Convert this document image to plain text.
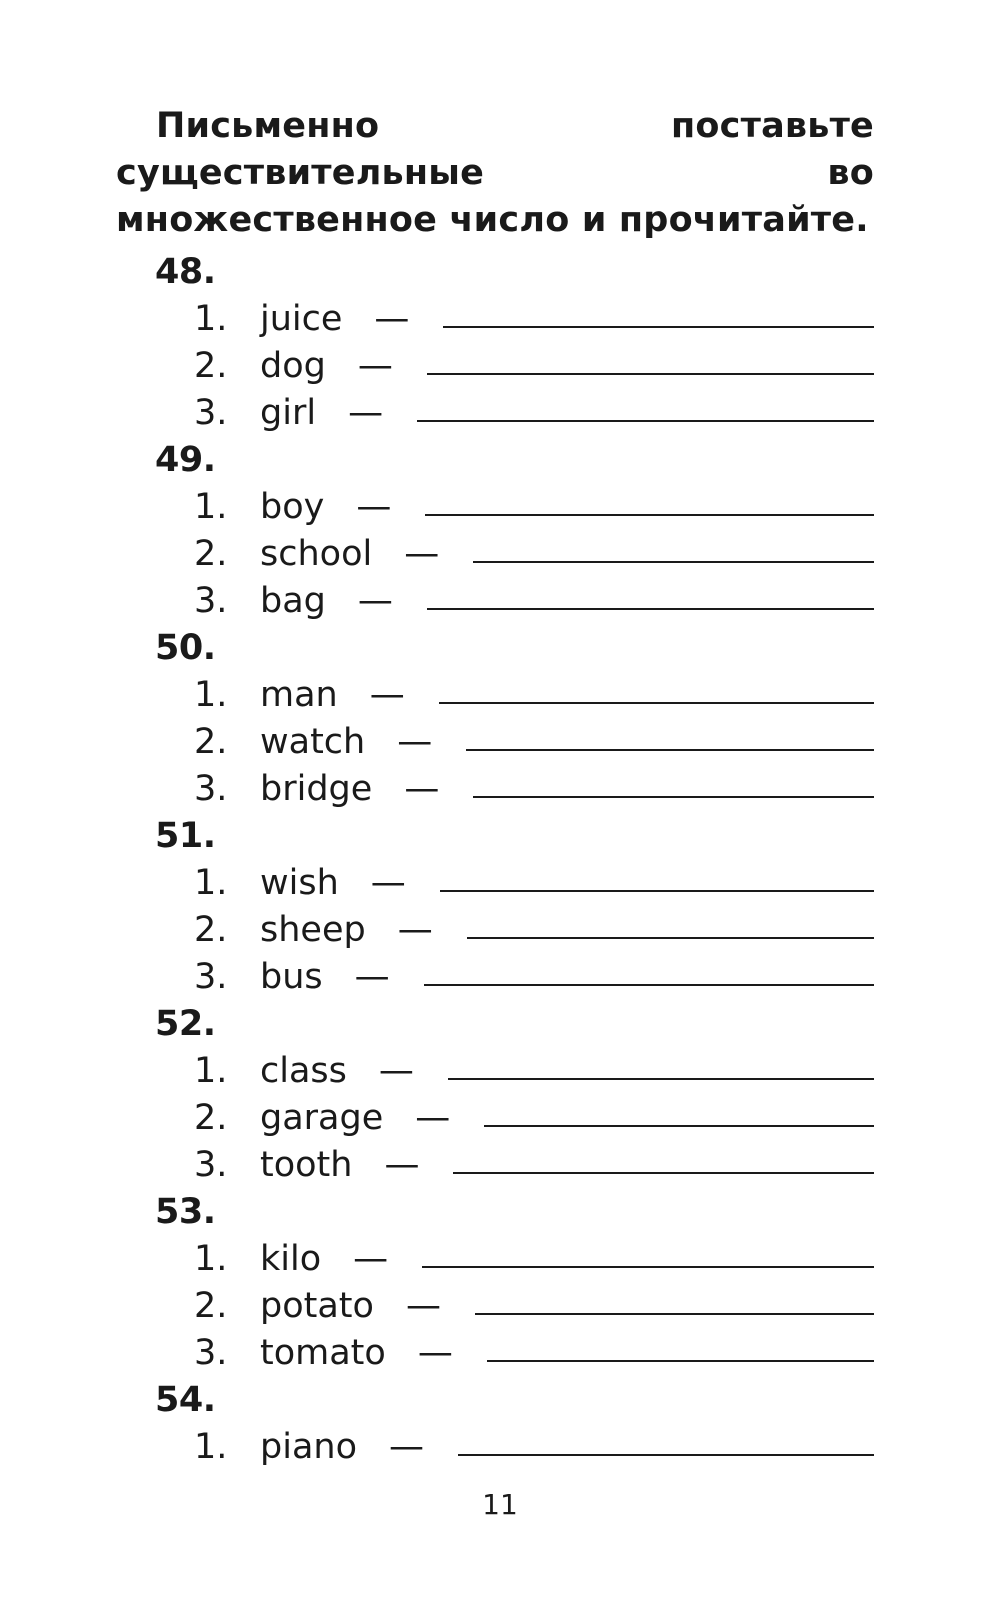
Письменно поставьте существительные во множественное число и прочитайте.

48.
1. juice —
2. dog —
3. girl —
49.
1. boy —
2. school —
3. bag —
50.
1. man —
2. watch —
3. bridge —
51.
1. wish —
2. sheep —
3. bus —
52.
1. class —
2. garage —
3. tooth —
53.
1. kilo —
2. potato —
3. tomato —
54.
1. piano —
11
